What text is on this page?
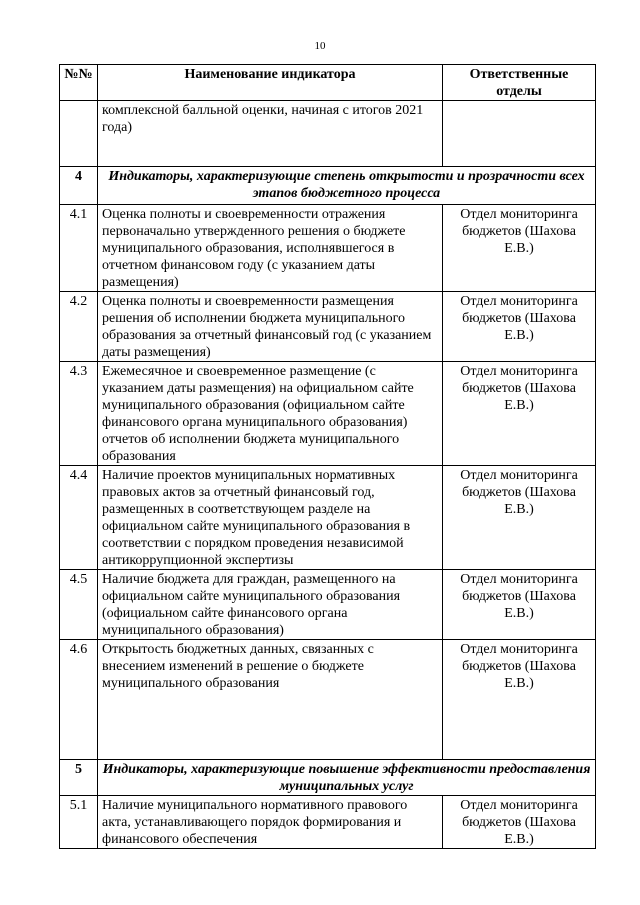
10
№№	Наименование индикатора	Ответственные отделы
	комплексной балльной оценки, начиная с итогов 2021 года)	
4	Индикаторы, характеризующие степень открытости и прозрачности всех этапов бюджетного процесса	
4.1	Оценка полноты и своевременности отражения первоначально утвержденного решения о бюджете муниципального образования, исполнявшегося в отчетном финансовом году (с указанием даты размещения)	Отдел мониторинга бюджетов (Шахова Е.В.)
4.2	Оценка полноты и своевременности размещения решения об исполнении бюджета муниципального образования за отчетный финансовый год (с указанием даты размещения)	Отдел мониторинга бюджетов (Шахова Е.В.)
4.3	Ежемесячное и своевременное размещение (с указанием даты размещения) на официальном сайте муниципального образования (официальном сайте финансового органа муниципального образования) отчетов об исполнении бюджета муниципального образования	Отдел мониторинга бюджетов (Шахова Е.В.)
4.4	Наличие проектов муниципальных нормативных правовых актов за отчетный финансовый год, размещенных в соответствующем разделе на официальном сайте муниципального образования в соответствии с порядком проведения независимой антикоррупционной экспертизы	Отдел мониторинга бюджетов (Шахова Е.В.)
4.5	Наличие бюджета для граждан, размещенного на официальном сайте муниципального образования (официальном сайте финансового органа муниципального образования)	Отдел мониторинга бюджетов (Шахова Е.В.)
4.6	Открытость бюджетных данных, связанных с внесением изменений в решение о бюджете муниципального образования	Отдел мониторинга бюджетов (Шахова Е.В.)
5	Индикаторы, характеризующие повышение эффективности предоставления муниципальных услуг	
5.1	Наличие муниципального нормативного правового акта, устанавливающего порядок формирования и финансового обеспечения	Отдел мониторинга бюджетов (Шахова Е.В.)
